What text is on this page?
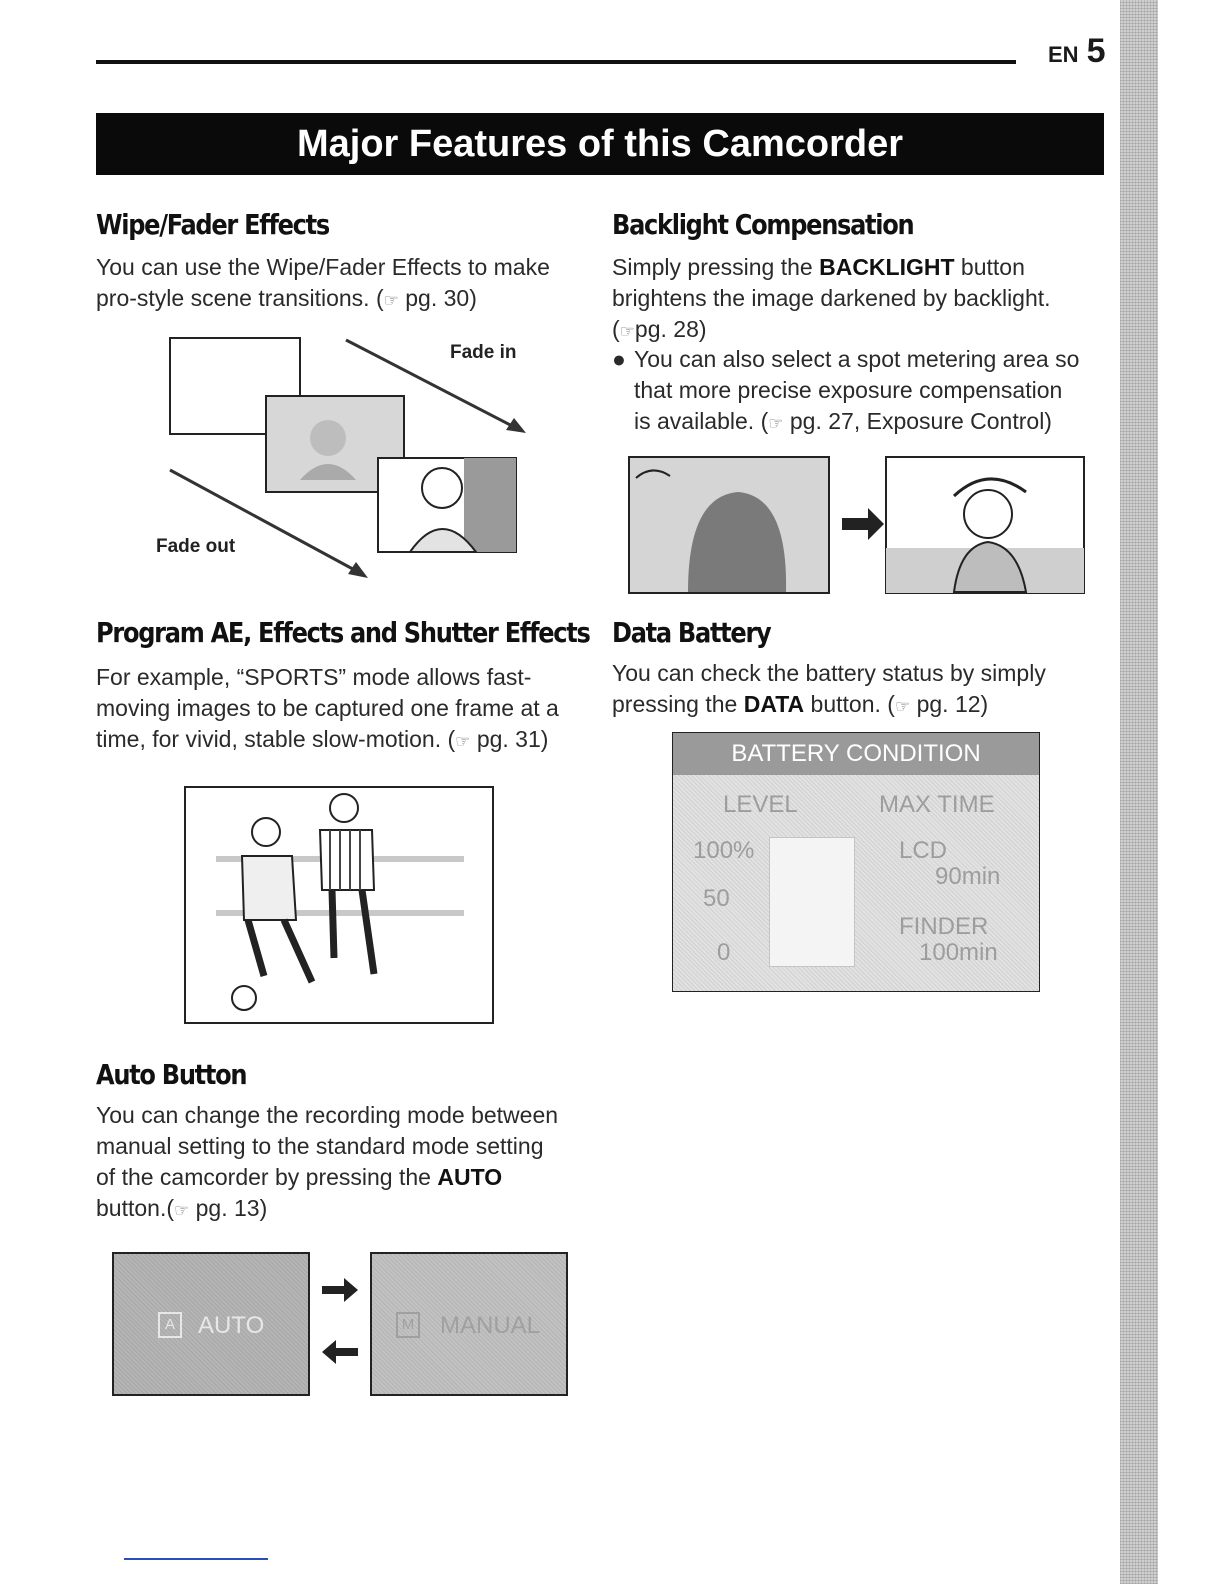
EN 5
Major Features of this Camcorder
Wipe/Fader Effects
You can use the Wipe/Fader Effects to make
pro-style scene transitions. (☞ pg. 30)
Fade in
Fade out
Program AE, Effects and Shutter Effects
For example, “SPORTS” mode allows fast-
moving images to be captured one frame at a
time, for vivid, stable slow-motion. (☞ pg. 31)
Auto Button
You can change the recording mode between
manual setting to the standard mode setting
of the camcorder by pressing the AUTO
button.(☞ pg. 13)
A AUTO	M MANUAL
Backlight Compensation
Simply pressing the BACKLIGHT button
brightens the image darkened by backlight.
(☞pg. 28)
● You can also select a spot metering area so
that more precise exposure compensation
is available. (☞ pg. 27, Exposure Control)
Data Battery
You can check the battery status by simply
pressing the DATA button. (☞ pg. 12)
BATTERY CONDITION
LEVEL	MAX TIME
100%
50
0
LCD
90min
FINDER
100min
